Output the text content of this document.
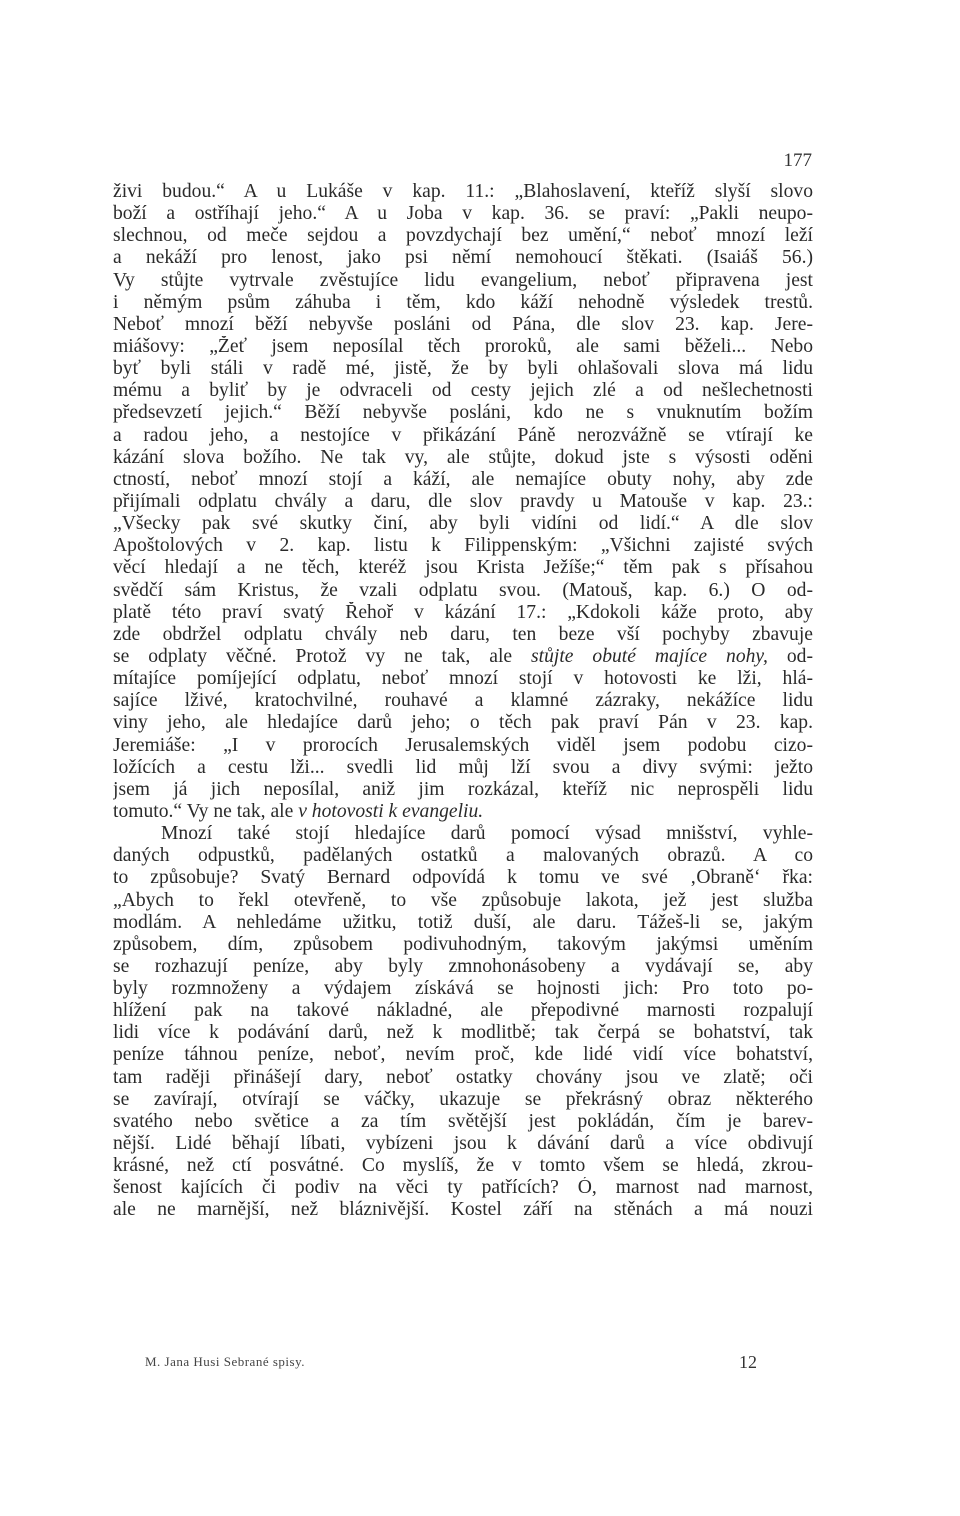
177
živi budou.“ A u Lukáše v kap. 11.: „Blahoslavení, kteříž slyší slovo
boží a ostříhají jeho.“ A u Joba v kap. 36. se praví: „Pakli neupo-
slechnou, od meče sejdou a povzdychají bez umění,“ neboť mnozí leží
a nekáží pro lenost, jako psi němí nemohoucí štěkati. (Isaiáš 56.)
Vy stůjte vytrvale zvěstujíce lidu evangelium, neboť připravena jest
i němým psům záhuba i těm, kdo káží nehodně výsledek trestů.
Neboť mnozí běží nebyvše posláni od Pána, dle slov 23. kap. Jere-
miášovy: „Žeť jsem neposílal těch proroků, ale sami běželi... Nebo
byť byli stáli v radě mé, jistě, že by byli ohlašovali slova má lidu
mému a byliť by je odvraceli od cesty jejich zlé a od nešlechetnosti
předsevzetí jejich.“ Běží nebyvše posláni, kdo ne s vnuknutím božím
a radou jeho, a nestojíce v přikázání Páně nerozvážně se vtírají ke
kázání slova božího. Ne tak vy, ale stůjte, dokud jste s výsosti oděni
ctností, neboť mnozí stojí a káží, ale nemajíce obuty nohy, aby zde
přijímali odplatu chvály a daru, dle slov pravdy u Matouše v kap. 23.:
„Všecky pak své skutky činí, aby byli vidíni od lidí.“ A dle slov
Apoštolových v 2. kap. listu k Filippenským: „Všichni zajisté svých
věcí hledají a ne těch, kteréž jsou Krista Ježíše;“ těm pak s přísahou
svědčí sám Kristus, že vzali odplatu svou. (Matouš, kap. 6.) O od-
platě této praví svatý Řehoř v kázání 17.: „Kdokoli káže proto, aby
zde obdržel odplatu chvály neb daru, ten beze vší pochyby zbavuje
se odplaty věčné. Protož vy ne tak, ale stůjte obuté majíce nohy, od-
mítajíce pomíjející odplatu, neboť mnozí stojí v hotovosti ke lži, hlá-
sajíce lživé, kratochvilné, rouhavé a klamné zázraky, nekážíce lidu
viny jeho, ale hledajíce darů jeho; o těch pak praví Pán v 23. kap.
Jeremiáše: „I v prorocích Jerusalemských viděl jsem podobu cizo-
ložících a cestu lži... svedli lid můj lží svou a divy svými: ježto
jsem já jich neposílal, aniž jim rozkázal, kteříž nic neprospěli lidu
tomuto.“ Vy ne tak, ale v hotovosti k evangeliu.
Mnozí také stojí hledajíce darů pomocí výsad mnišství, vyhle-
daných odpustků, padělaných ostatků a malovaných obrazů. A co
to způsobuje? Svatý Bernard odpovídá k tomu ve své ‚Obraně‘ řka:
„Abych to řekl otevřeně, to vše způsobuje lakota, jež jest služba
modlám. A nehledáme užitku, totiž duší, ale daru. Tážeš-li se, jakým
způsobem, dím, způsobem podivuhodným, takovým jakýmsi uměním
se rozhazují peníze, aby byly zmnohonásobeny a vydávají se, aby
byly rozmnoženy a výdajem získává se hojnosti jich: Pro toto po-
hlížení pak na takové nákladné, ale přepodivné marnosti rozpalují
lidi více k podávání darů, než k modlitbě; tak čerpá se bohatství, tak
peníze táhnou peníze, neboť, nevím proč, kde lidé vidí více bohatství,
tam raději přinášejí dary, neboť ostatky chovány jsou ve zlatě; oči
se zavírají, otvírají se váčky, ukazuje se překrásný obraz některého
svatého nebo světice a za tím světější jest pokládán, čím je barev-
nější. Lidé běhají líbati, vybízeni jsou k dávání darů a více obdivují
krásné, než ctí posvátné. Co myslíš, že v tomto všem se hledá, zkrou-
šenost kajících či podiv na věci ty patřících? Ó, marnost nad marnost,
ale ne marnější, než bláznivější. Kostel září na stěnách a má nouzi
M. Jana Husi Sebrané spisy.	12
